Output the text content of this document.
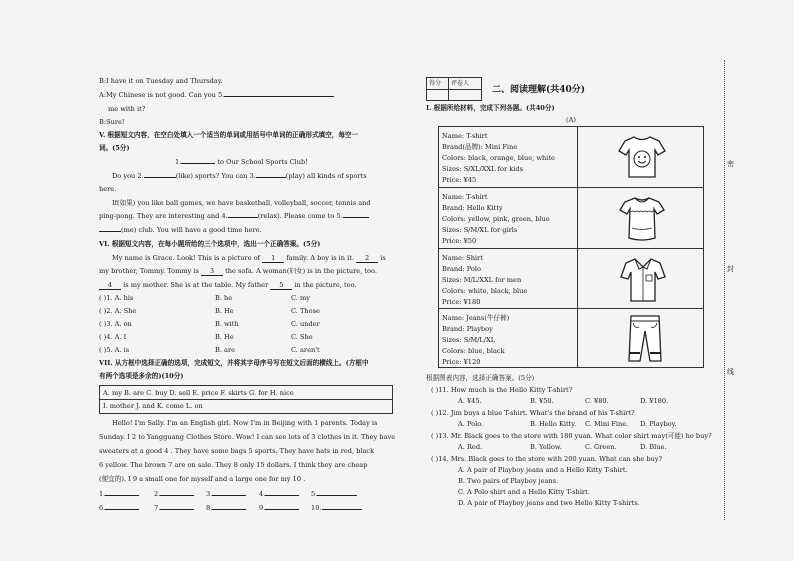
B:I have it on Tuesday and Thursday.
A:My Chinese is not good. Can you 5.
me with it?
B:Sure!
V. 根据短文内容，在空白处填入一个适当的单词或用括号中单词的正确形式填空，每空一
词。(5分)
1.	to Our School Sports Club!
Do you 2.	(like) sports? You can 3.	(play) all kinds of sports
here.
If(如果) you like ball games, we have basketball, volleyball, soccer, tennis and
ping-pong. They are interesting and 4.	(relax). Please come to 5.
(me) club. You will have a good time here.
VI. 根据短文内容，在每小题所给的三个选项中，选出一个正确答案。(5分)
My name is Grace. Look! This is a picture of 1 family. A boy is in it. 2 is
my brother, Tommy. Tommy is 3 the sofa. A woman(妇女) is in the picture, too.
4 is my mother. She is at the table. My father 5 in the picture, too.
( )1. A. his	B. he	C. my
( )2. A. She	B. He	C. Those
( )3. A. on	B. with	C. under
( )4. A. I	B. He	C. She
( )5. A. is	B. are	C. aren't
VII. 从方框中选择正确的选项，完成短文，并将其字母序号写在短文后面的横线上。(方框中
有两个选项是多余的)(10分)
A. my B. are C. buy D. sell E. price F. skirts G. for H. nice
I. mother J. and K. come L. on
Hello! I'm Sally. I'm an English girl. Now I'm in Beijing with 1 parents. Today is
Sunday. I 2 to Yangguang Clothes Store. Wow! I can see lots of 3 clothes in it. They have
sweaters at a good 4 . They have some bags 5 sports. They have hats in red, black
6 yellow. The brown 7 are on sale. They 8 only 15 dollars. I think they are cheap
(便宜的). I 9 a small one for myself and a large one for my 10 .
1.	2.	3.	4.	5.
6.	7.	8.	9.	10.
得分 评卷人
二、阅读理解(共40分)
I. 根据所给材料，完成下列各题。(共40分)
(A)
Name: T-shirt
Brand(品牌): Mini Fine
Colors: black, orange, blue, white
Sizes: S/XL/XXL for kids
Price: ¥45
Name: T-shirt
Brand: Hello Kitty
Colors: yellow, pink, green, blue
Sizes: S/M/XL for girls
Price: ¥50
Name: Shirt
Brand: Polo
Sizes: M/L/XXL for men
Colors: white, black, blue
Price: ¥180
Name: Jeans(牛仔裤)
Brand: Playboy
Sizes: S/M/L/XL
Colors: blue, black
Price: ¥120
根据图表内容，选择正确答案。(5分)
( )11. How much is the Hello Kitty T-shirt?
A. ¥45.	B. ¥50.	C. ¥80.	D. ¥180.
( )12. Jim buys a blue T-shirt. What's the brand of his T-shirt?
A. Polo.	B. Hello Kitty. C. Mini Fine. D. Playboy.
( )13. Mr. Black goes to the store with 180 yuan. What color shirt may(可能) he buy?
A. Red.	B. Yellow.	C. Green.	D. Blue.
( )14. Mrs. Black goes to the store with 200 yuan. What can she buy?
A. A pair of Playboy jeans and a Hello Kitty T-shirt.
B. Two pairs of Playboy jeans.
C. A Polo shirt and a Hello Kitty T-shirt.
D. A pair of Playboy jeans and two Hello Kitty T-shirts.
密
封
线
